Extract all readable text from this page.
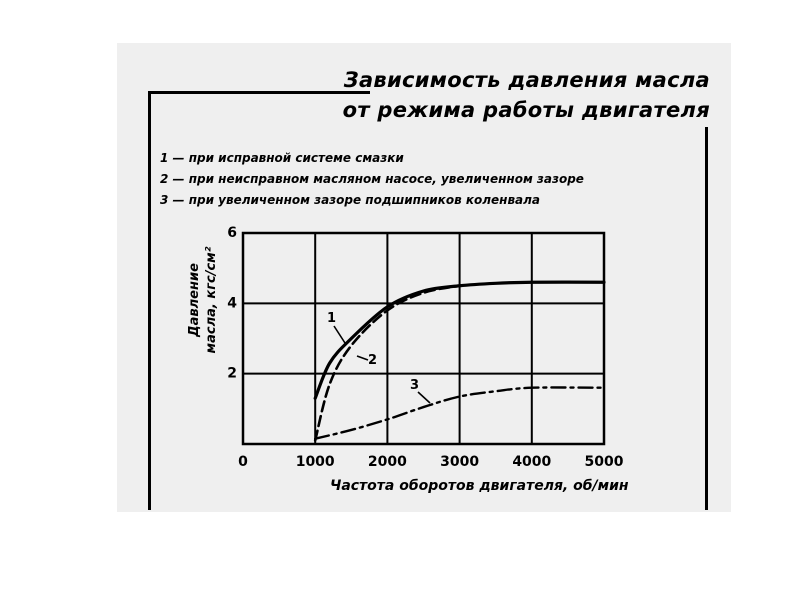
Зависимость давления масла
от режима работы двигателя
1 — при исправной системе смазки
2 — при неисправном масляном насосе, увеличенном зазоре
3 — при увеличенном зазоре подшипников коленвала
Давление масла, кгс/см²
Частота оборотов двигателя, об/мин
0	1000 2000 3000 4000 5000
2
4
6
1
2
3
